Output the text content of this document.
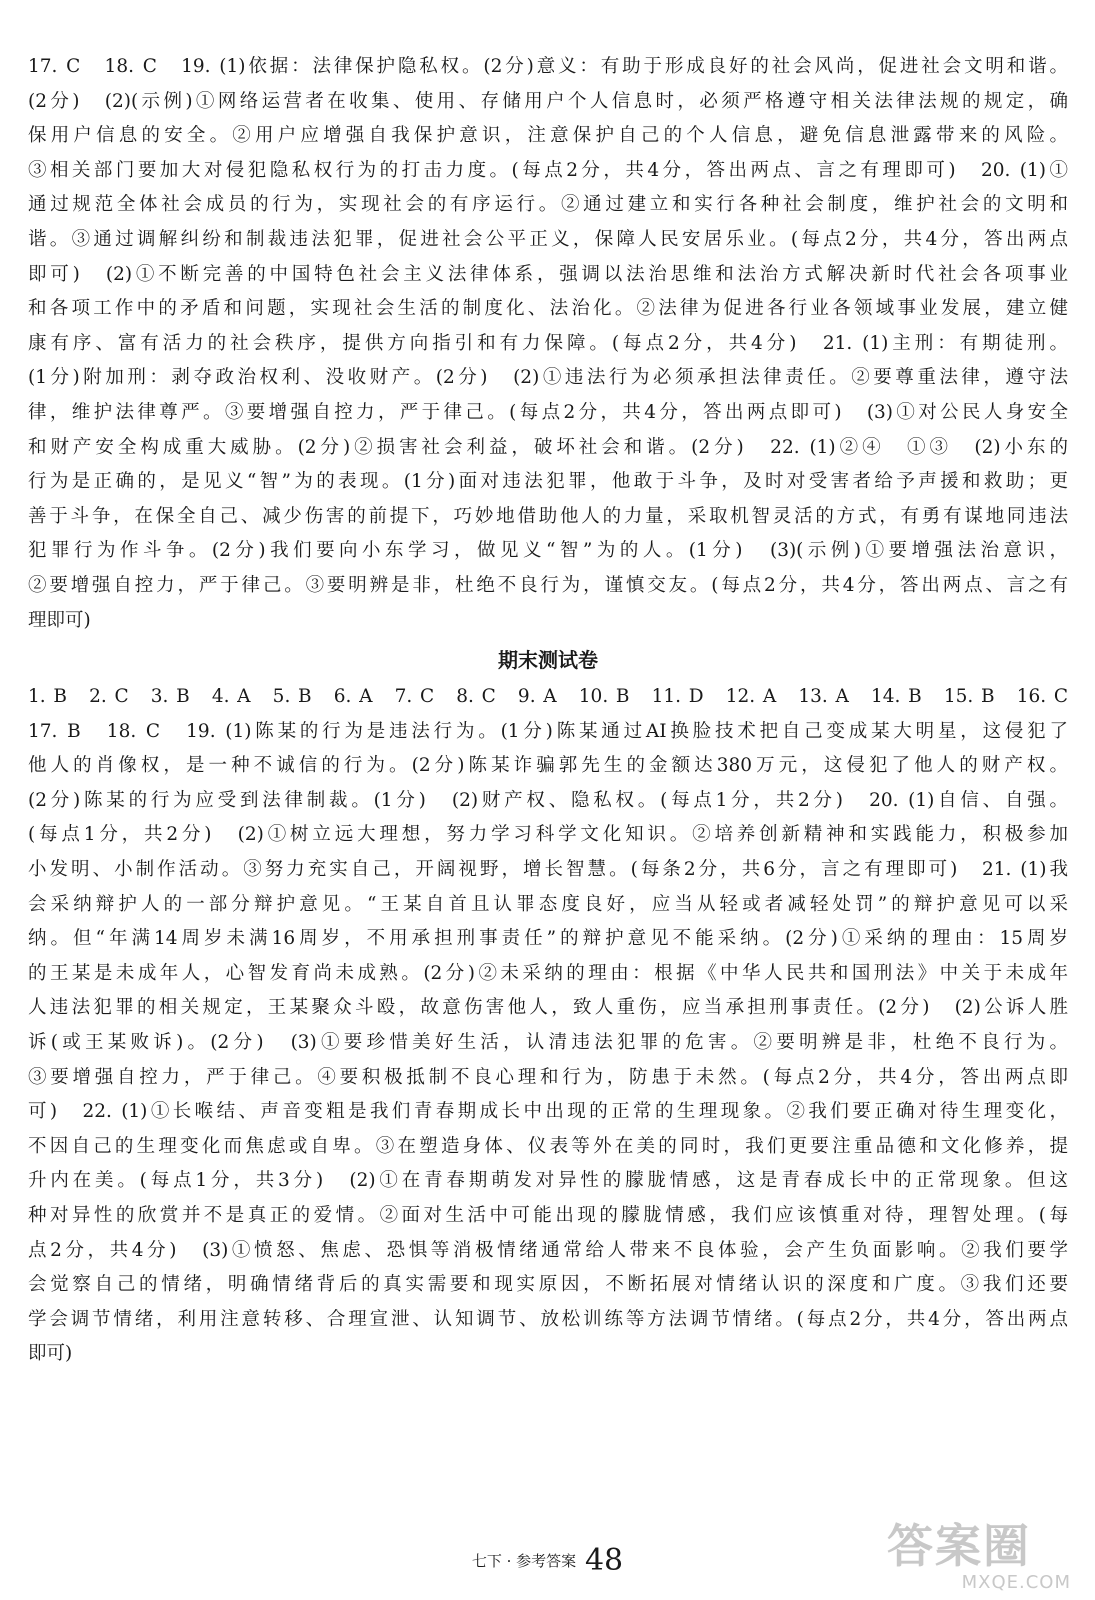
17. C　18. C　19. (1)依据：法律保护隐私权。(2分)意义：有助于形成良好的社会风尚，促进社会文明和谐。

(2分)　(2)(示例)①网络运营者在收集、使用、存储用户个人信息时，必须严格遵守相关法律法规的规定，确

保用户信息的安全。②用户应增强自我保护意识，注意保护自己的个人信息，避免信息泄露带来的风险。

③相关部门要加大对侵犯隐私权行为的打击力度。(每点2分，共4分，答出两点、言之有理即可)　20. (1)①

通过规范全体社会成员的行为，实现社会的有序运行。②通过建立和实行各种社会制度，维护社会的文明和

谐。③通过调解纠纷和制裁违法犯罪，促进社会公平正义，保障人民安居乐业。(每点2分，共4分，答出两点

即可)　(2)①不断完善的中国特色社会主义法律体系，强调以法治思维和法治方式解决新时代社会各项事业

和各项工作中的矛盾和问题，实现社会生活的制度化、法治化。②法律为促进各行业各领域事业发展，建立健

康有序、富有活力的社会秩序，提供方向指引和有力保障。(每点2分，共4分)　21. (1)主刑：有期徒刑。

(1分)附加刑：剥夺政治权利、没收财产。(2分)　(2)①违法行为必须承担法律责任。②要尊重法律，遵守法

律，维护法律尊严。③要增强自控力，严于律己。(每点2分，共4分，答出两点即可)　(3)①对公民人身安全

和财产安全构成重大威胁。(2分)②损害社会利益，破坏社会和谐。(2分)　22. (1)②④　①③　(2)小东的

行为是正确的，是见义“智”为的表现。(1分)面对违法犯罪，他敢于斗争，及时对受害者给予声援和救助；更

善于斗争，在保全自己、减少伤害的前提下，巧妙地借助他人的力量，采取机智灵活的方式，有勇有谋地同违法

犯罪行为作斗争。(2分)我们要向小东学习，做见义“智”为的人。(1分)　(3)(示例)①要增强法治意识，

②要增强自控力，严于律己。③要明辨是非，杜绝不良行为，谨慎交友。(每点2分，共4分，答出两点、言之有

理即可)

期末测试卷

1. B　2. C　3. B　4. A　5. B　6. A　7. C　8. C　9. A　10. B　11. D　12. A　13. A　14. B　15. B　16. C

17. B　18. C　19. (1)陈某的行为是违法行为。(1分)陈某通过AI换脸技术把自己变成某大明星，这侵犯了

他人的肖像权，是一种不诚信的行为。(2分)陈某诈骗郭先生的金额达380万元，这侵犯了他人的财产权。

(2分)陈某的行为应受到法律制裁。(1分)　(2)财产权、隐私权。(每点1分，共2分)　20. (1)自信、自强。

(每点1分，共2分)　(2)①树立远大理想，努力学习科学文化知识。②培养创新精神和实践能力，积极参加

小发明、小制作活动。③努力充实自己，开阔视野，增长智慧。(每条2分，共6分，言之有理即可)　21. (1)我

会采纳辩护人的一部分辩护意见。“王某自首且认罪态度良好，应当从轻或者减轻处罚”的辩护意见可以采

纳。但“年满14周岁未满16周岁，不用承担刑事责任”的辩护意见不能采纳。(2分)①采纳的理由：15周岁

的王某是未成年人，心智发育尚未成熟。(2分)②未采纳的理由：根据《中华人民共和国刑法》中关于未成年

人违法犯罪的相关规定，王某聚众斗殴，故意伤害他人，致人重伤，应当承担刑事责任。(2分)　(2)公诉人胜

诉(或王某败诉)。(2分)　(3)①要珍惜美好生活，认清违法犯罪的危害。②要明辨是非，杜绝不良行为。

③要增强自控力，严于律己。④要积极抵制不良心理和行为，防患于未然。(每点2分，共4分，答出两点即

可)　22. (1)①长喉结、声音变粗是我们青春期成长中出现的正常的生理现象。②我们要正确对待生理变化，

不因自己的生理变化而焦虑或自卑。③在塑造身体、仪表等外在美的同时，我们更要注重品德和文化修养，提

升内在美。(每点1分，共3分)　(2)①在青春期萌发对异性的朦胧情感，这是青春成长中的正常现象。但这

种对异性的欣赏并不是真正的爱情。②面对生活中可能出现的朦胧情感，我们应该慎重对待，理智处理。(每

点2分，共4分)　(3)①愤怒、焦虑、恐惧等消极情绪通常给人带来不良体验，会产生负面影响。②我们要学

会觉察自己的情绪，明确情绪背后的真实需要和现实原因，不断拓展对情绪认识的深度和广度。③我们还要

学会调节情绪，利用注意转移、合理宣泄、认知调节、放松训练等方法调节情绪。(每点2分，共4分，答出两点

即可)

七下 · 参考答案 48	答案圈
MXQE.COM
